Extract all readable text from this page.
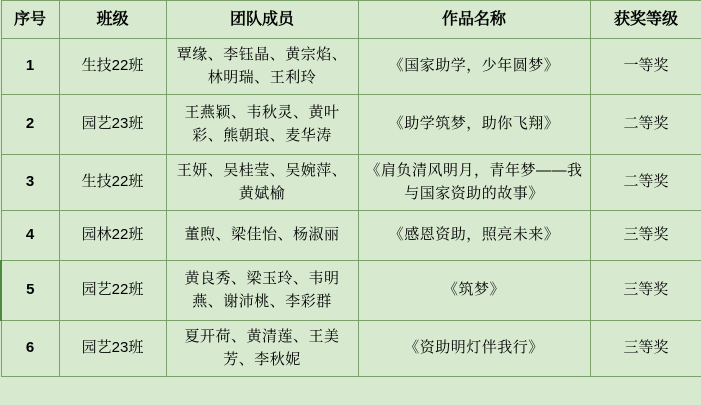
序号	班级	团队成员	作品名称	获奖等级
1	生技22班	覃缘、李钰晶、黄宗焰、林明瑞、王利玲	《国家助学，少年圆梦》	一等奖
2	园艺23班	王燕颖、韦秋灵、黄叶彩、熊朝琅、麦华涛	《助学筑梦，助你飞翔》	二等奖
3	生技22班	王妍、吴桂莹、吴婉萍、黄娬榆	《肩负清风明月，青年梦——我与国家资助的故事》	二等奖
4	园林22班	董煦、梁佳怡、杨淑丽	《感恩资助，照亮未来》	三等奖
5	园艺22班	黄良秀、梁玉玲、韦明燕、谢沛桃、李彩群	《筑梦》	三等奖
6	园艺23班	夏开荷、黄清莲、王美芳、李秋妮	《资助明灯伴我行》	三等奖
